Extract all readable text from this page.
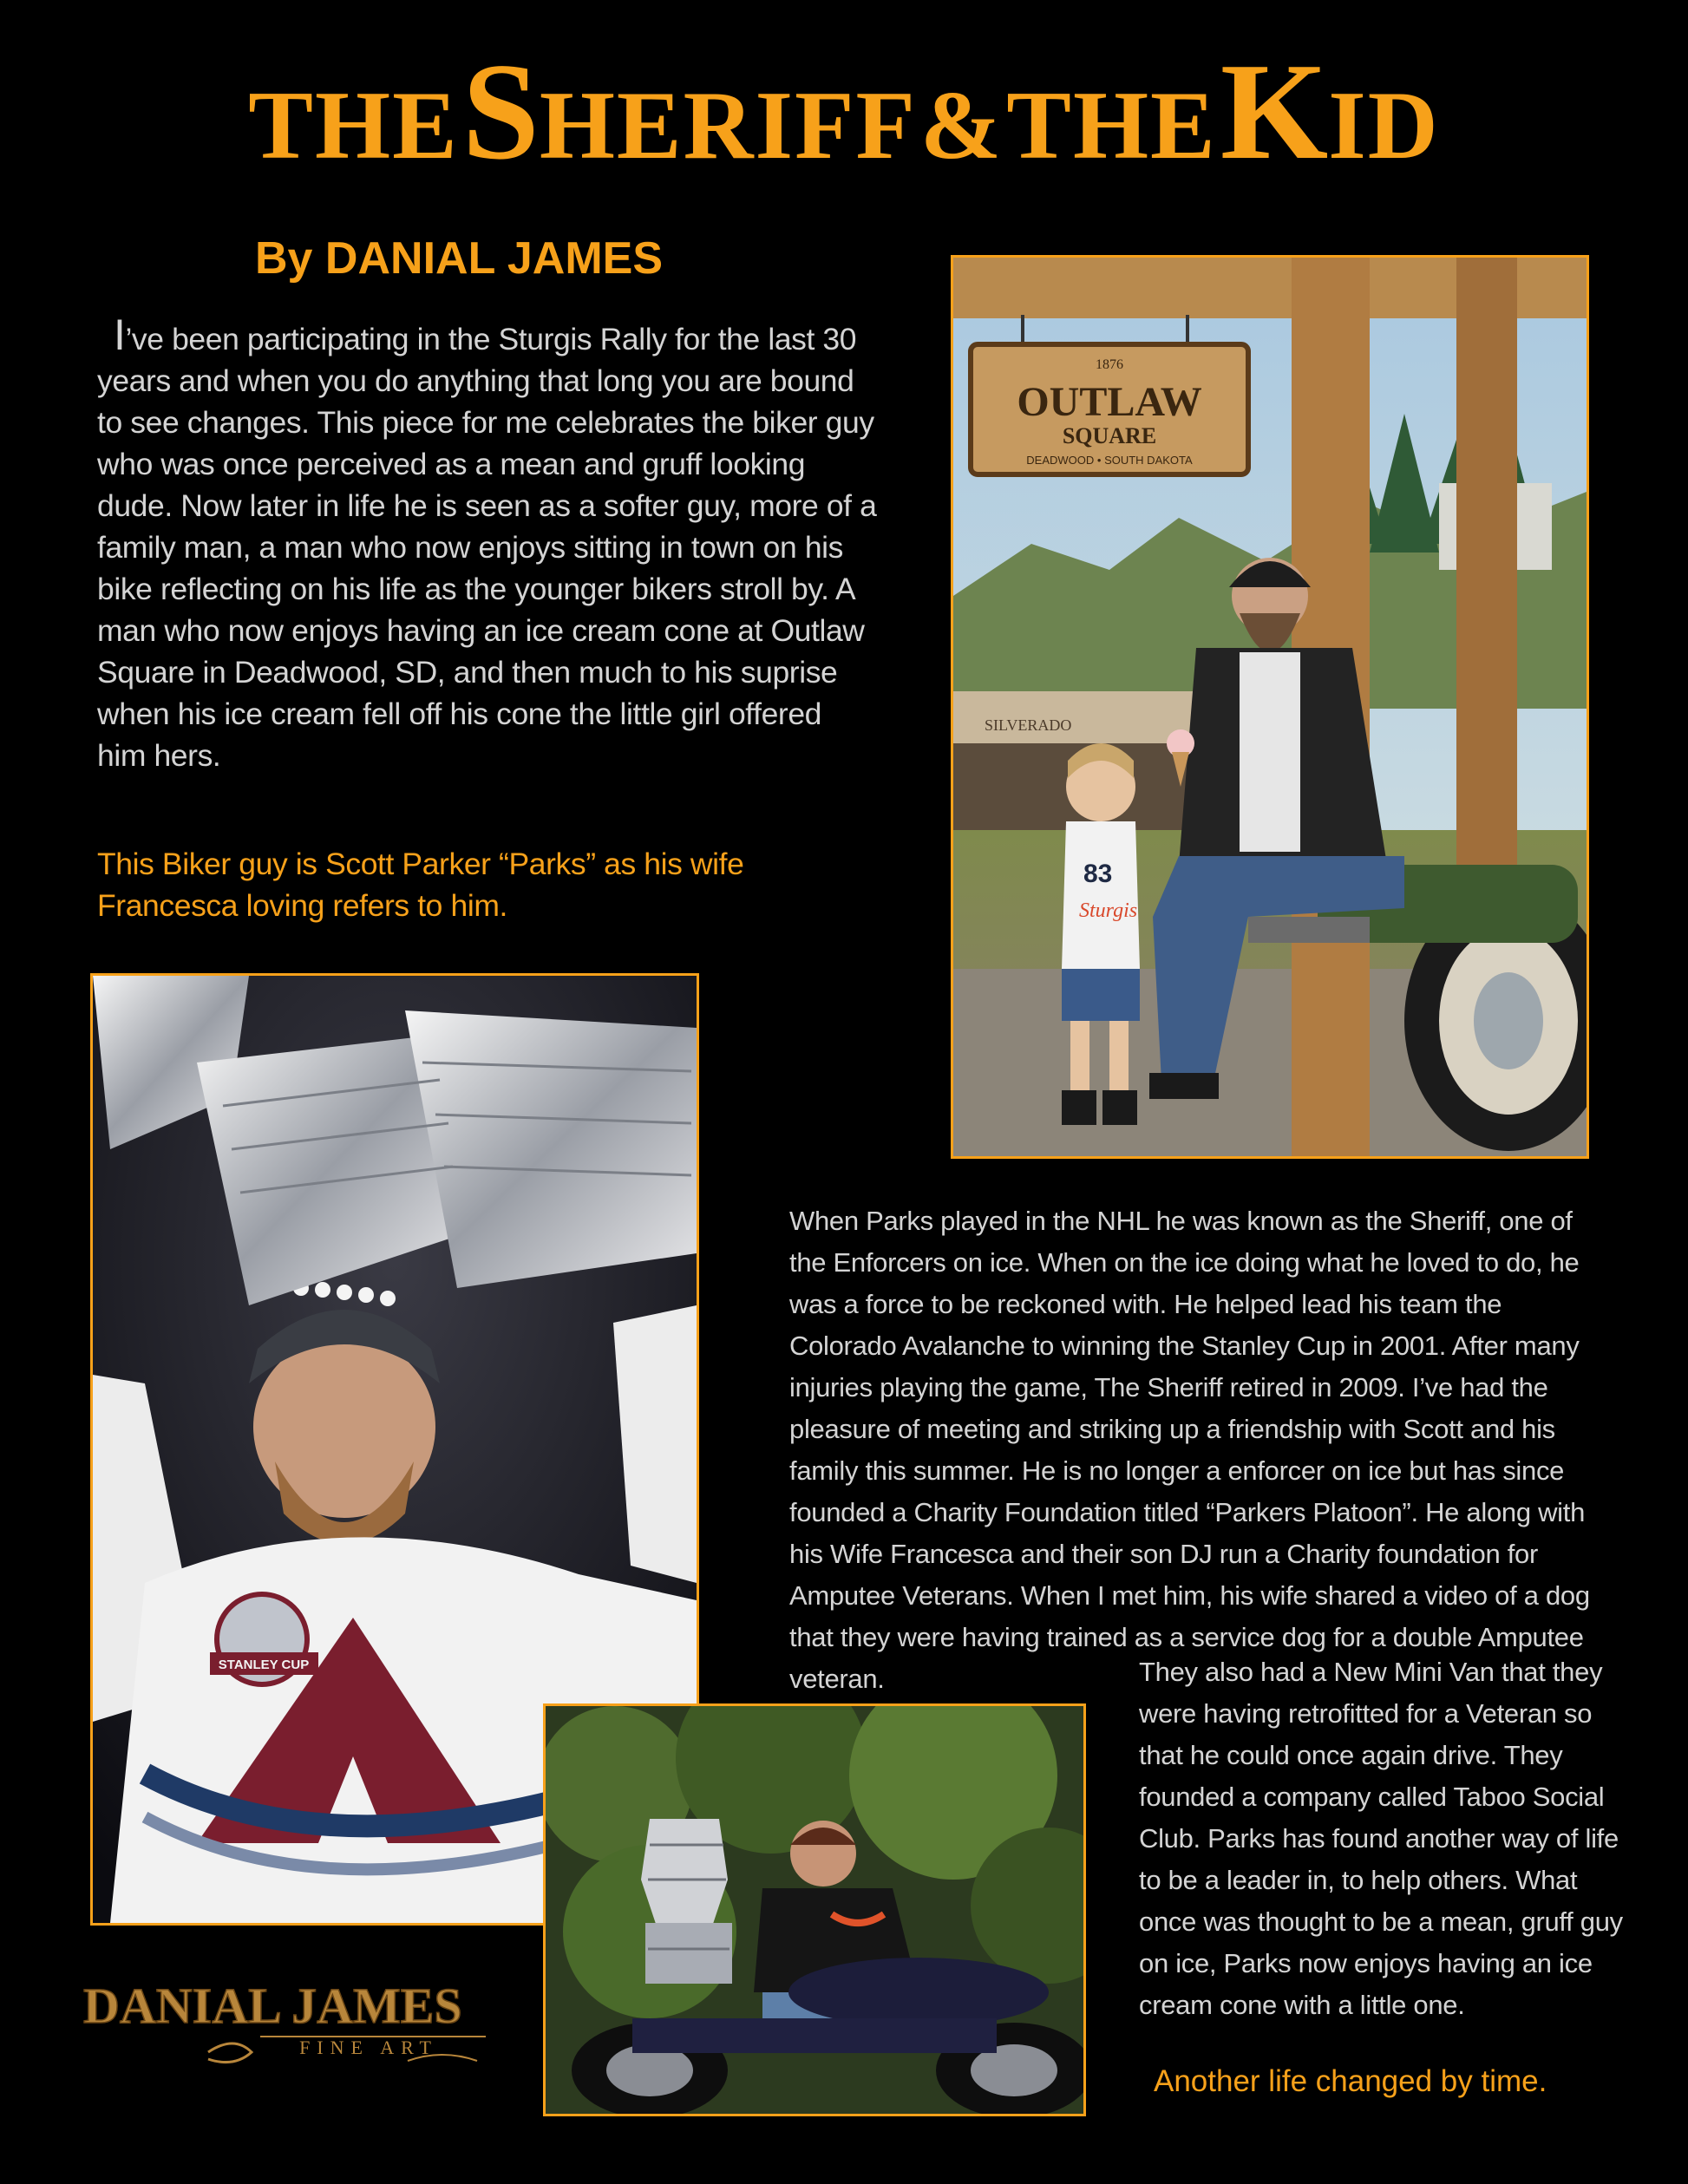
THE SHERIFF & THE KID
By DANIAL JAMES

I’ve been participating in the Sturgis Rally for the last 30 years and when you do anything that long you are bound to see changes. This piece for me celebrates the biker guy who was once perceived as a mean and gruff looking dude. Now later in life he is seen as a softer guy, more of a family man, a man who now enjoys sitting in town on his bike reflecting on his life as the younger bikers stroll by. A man who now enjoys having an ice cream cone at Outlaw Square in Deadwood, SD, and then much to his suprise when his ice cream fell off his cone the little girl offered him hers.

This Biker guy is Scott Parker “Parks” as his wife Francesca loving refers to him.

SILVERADO
1876
OUTLAW
SQUARE
DEADWOOD • SOUTH DAKOTA
83
Sturgis
STANLEY CUP
When Parks played in the NHL he was known as the Sheriff, one of the Enforcers on ice. When on the ice doing what he loved to do, he was a force to be reckoned with. He helped lead his team the Colorado Avalanche to winning the Stanley Cup in 2001. After many injuries playing the game, The Sheriff retired in 2009. I’ve had the pleasure of meeting and striking up a friendship with Scott and his family this summer. He is no longer a enforcer on ice but has since founded a Charity Foundation titled “Parkers Platoon”. He along with his Wife Francesca and their son DJ run a Charity foundation for Amputee Veterans. When I met him, his wife shared a video of a dog that they were having trained as a service dog for a double Amputee veteran.	They also had a New Mini Van that they were having retrofitted for a Veteran so that he could once again drive. They founded a company called Taboo Social Club. Parks has found another way of life to be a leader in, to help others. What once was thought to be a mean, gruff guy on ice, Parks now enjoys having an ice cream cone with a little one.
Another life changed by time.
DANIAL JAMES
FINE ART
